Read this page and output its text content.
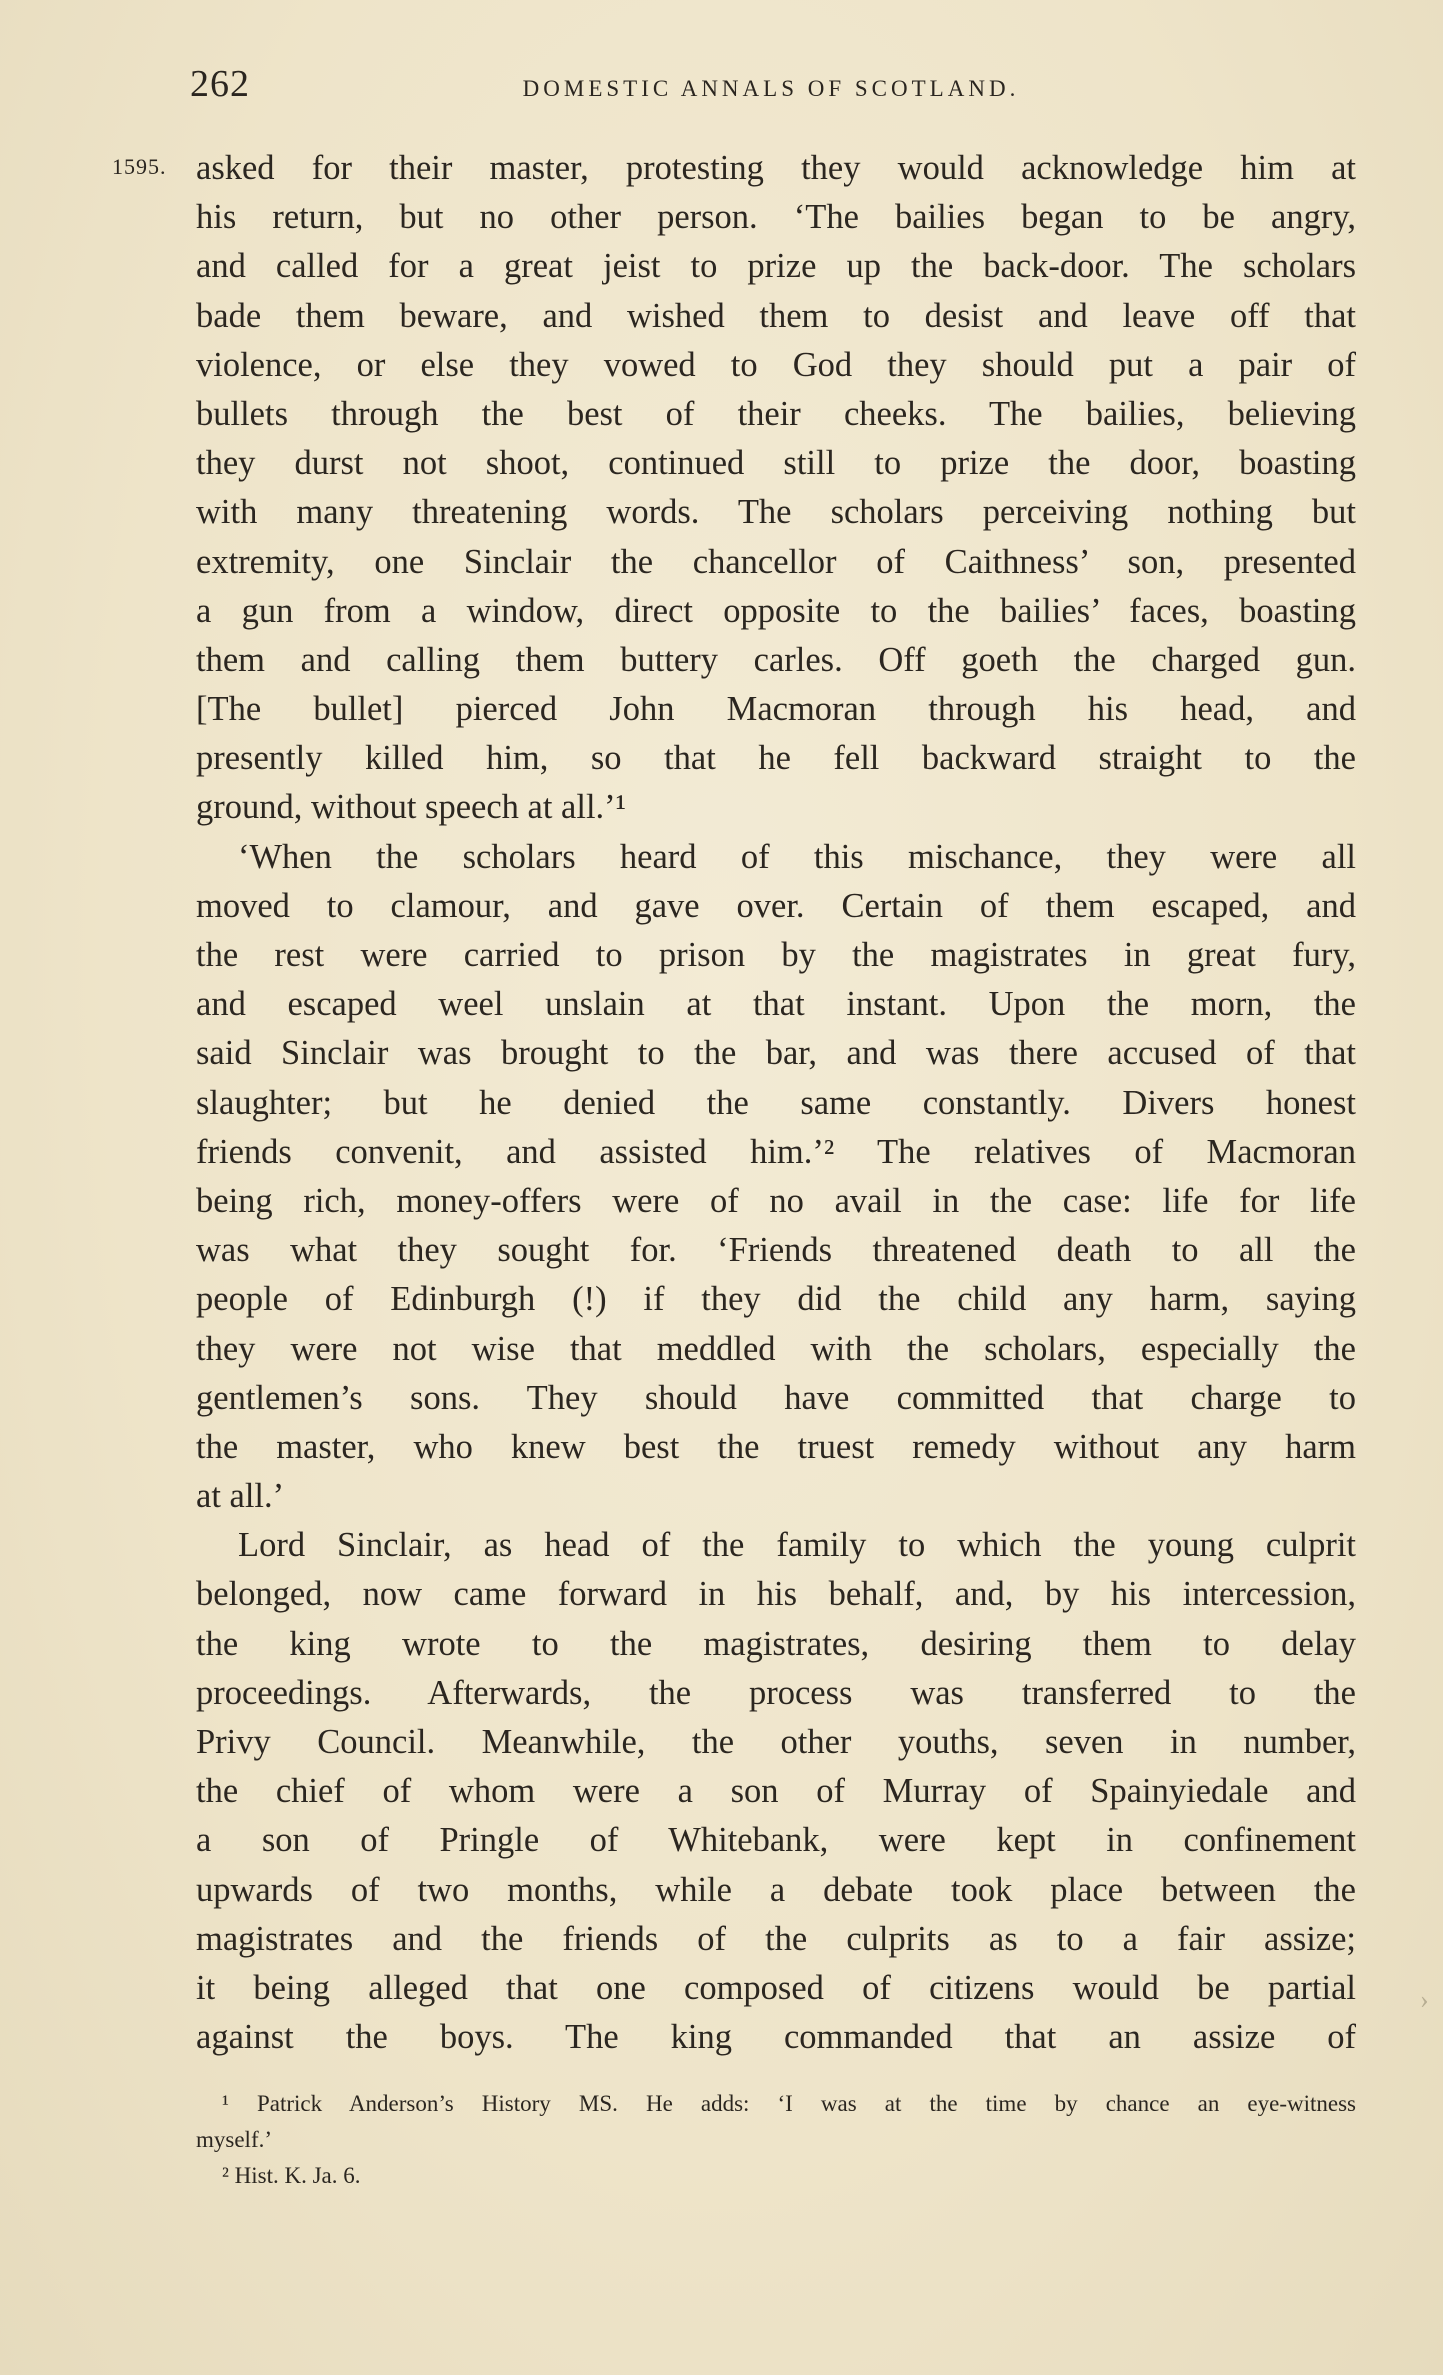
262	DOMESTIC ANNALS OF SCOTLAND.
1595. asked for their master, protesting they would acknowledge him at
his return, but no other person. ‘The bailies began to be angry,
and called for a great jeist to prize up the back-door. The scholars
bade them beware, and wished them to desist and leave off that
violence, or else they vowed to God they should put a pair of
bullets through the best of their cheeks. The bailies, believing
they durst not shoot, continued still to prize the door, boasting
with many threatening words. The scholars perceiving nothing but
extremity, one Sinclair the chancellor of Caithness’ son, presented
a gun from a window, direct opposite to the bailies’ faces, boasting
them and calling them buttery carles. Off goeth the charged gun.
[The bullet] pierced John Macmoran through his head, and
presently killed him, so that he fell backward straight to the
ground, without speech at all.’¹
‘When the scholars heard of this mischance, they were all
moved to clamour, and gave over. Certain of them escaped, and
the rest were carried to prison by the magistrates in great fury,
and escaped weel unslain at that instant. Upon the morn, the
said Sinclair was brought to the bar, and was there accused of that
slaughter; but he denied the same constantly. Divers honest
friends convenit, and assisted him.’² The relatives of Macmoran
being rich, money-offers were of no avail in the case: life for life
was what they sought for. ‘Friends threatened death to all the
people of Edinburgh (!) if they did the child any harm, saying
they were not wise that meddled with the scholars, especially the
gentlemen’s sons. They should have committed that charge to
the master, who knew best the truest remedy without any harm
at all.’
Lord Sinclair, as head of the family to which the young culprit
belonged, now came forward in his behalf, and, by his intercession,
the king wrote to the magistrates, desiring them to delay
proceedings. Afterwards, the process was transferred to the
Privy Council. Meanwhile, the other youths, seven in number,
the chief of whom were a son of Murray of Spainyiedale and
a son of Pringle of Whitebank, were kept in confinement
upwards of two months, while a debate took place between the
magistrates and the friends of the culprits as to a fair assize;
it being alleged that one composed of citizens would be partial
against the boys. The king commanded that an assize of
¹ Patrick Anderson’s History MS. He adds: ‘I was at the time by chance an eye-witness
myself.’
² Hist. K. Ja. 6.
›
